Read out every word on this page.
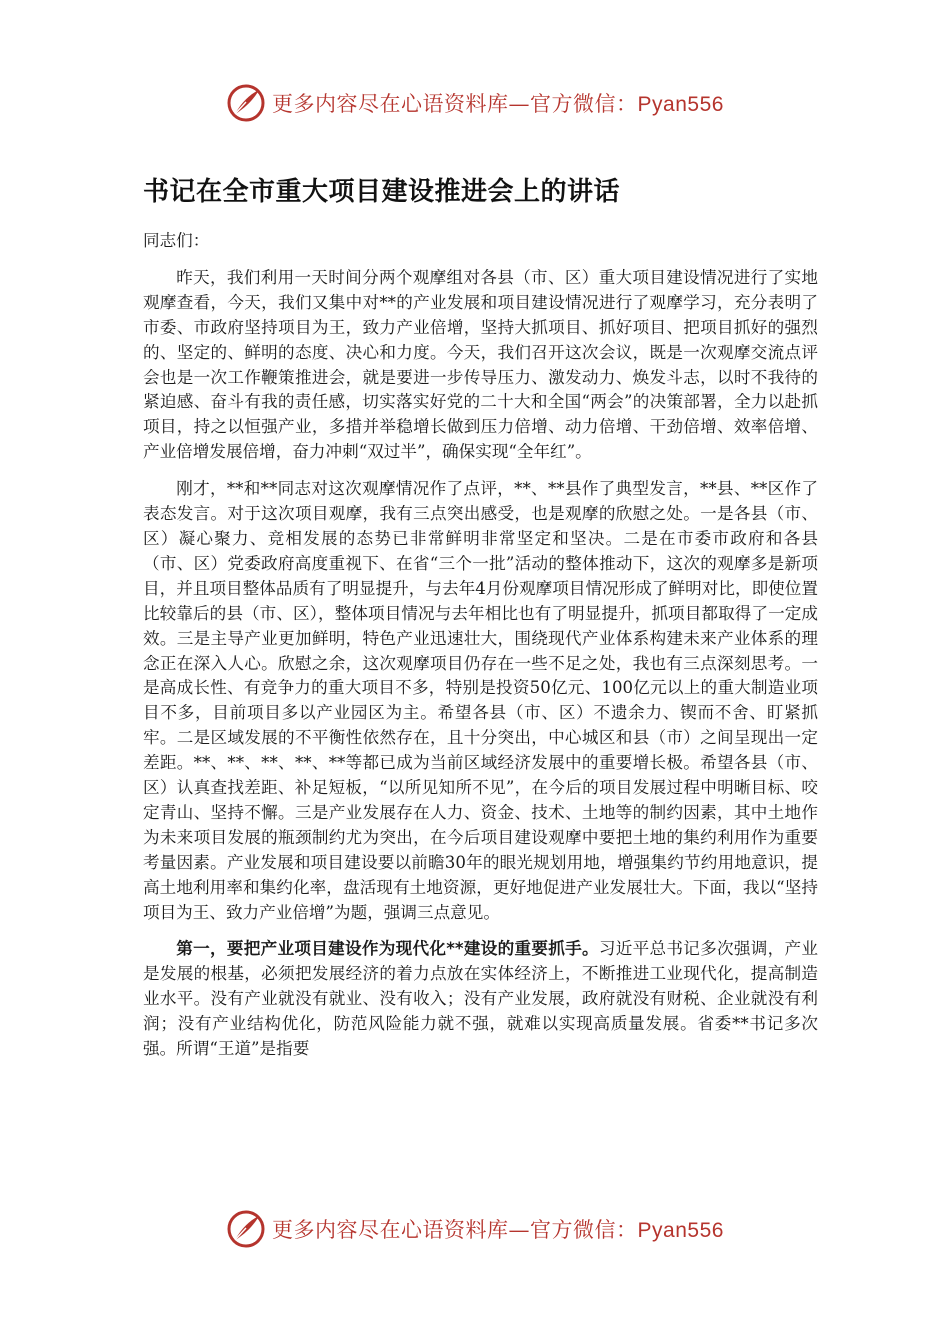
更多内容尽在心语资料库—官方微信：Pyan556
书记在全市重大项目建设推进会上的讲话

同志们：

昨天，我们利用一天时间分两个观摩组对各县（市、区）重大项目建设情况进行了实地观摩查看，今天，我们又集中对**的产业发展和项目建设情况进行了观摩学习，充分表明了市委、市政府坚持项目为王，致力产业倍增，坚持大抓项目、抓好项目、把项目抓好的强烈的、坚定的、鲜明的态度、决心和力度。今天，我们召开这次会议，既是一次观摩交流点评会也是一次工作鞭策推进会，就是要进一步传导压力、激发动力、焕发斗志，以时不我待的紧迫感、奋斗有我的责任感，切实落实好党的二十大和全国“两会”的决策部署，全力以赴抓项目，持之以恒强产业，多措并举稳增长做到压力倍增、动力倍增、干劲倍增、效率倍增、产业倍增发展倍增，奋力冲刺“双过半”，确保实现“全年红”。

刚才，**和**同志对这次观摩情况作了点评，**、**县作了典型发言，**县、**区作了表态发言。对于这次项目观摩，我有三点突出感受，也是观摩的欣慰之处。一是各县（市、区）凝心聚力、竞相发展的态势已非常鲜明非常坚定和坚决。二是在市委市政府和各县（市、区）党委政府高度重视下、在省“三个一批”活动的整体推动下，这次的观摩多是新项目，并且项目整体品质有了明显提升，与去年4月份观摩项目情况形成了鲜明对比，即使位置比较靠后的县（市、区），整体项目情况与去年相比也有了明显提升，抓项目都取得了一定成效。三是主导产业更加鲜明，特色产业迅速壮大，围绕现代产业体系构建未来产业体系的理念正在深入人心。欣慰之余，这次观摩项目仍存在一些不足之处，我也有三点深刻思考。一是高成长性、有竞争力的重大项目不多，特别是投资50亿元、100亿元以上的重大制造业项目不多，目前项目多以产业园区为主。希望各县（市、区）不遗余力、锲而不舍、盯紧抓牢。二是区域发展的不平衡性依然存在，且十分突出，中心城区和县（市）之间呈现出一定差距。**、**、**、**、**等都已成为当前区域经济发展中的重要增长极。希望各县（市、区）认真查找差距、补足短板，“以所见知所不见”，在今后的项目发展过程中明晰目标、咬定青山、坚持不懈。三是产业发展存在人力、资金、技术、土地等的制约因素，其中土地作为未来项目发展的瓶颈制约尤为突出，在今后项目建设观摩中要把土地的集约利用作为重要考量因素。产业发展和项目建设要以前瞻30年的眼光规划用地，增强集约节约用地意识，提高土地利用率和集约化率，盘活现有土地资源，更好地促进产业发展壮大。下面，我以“坚持项目为王、致力产业倍增”为题，强调三点意见。

第一，要把产业项目建设作为现代化**建设的重要抓手。习近平总书记多次强调，产业是发展的根基，必须把发展经济的着力点放在实体经济上，不断推进工业现代化，提高制造业水平。没有产业就没有就业、没有收入；没有产业发展，政府就没有财税、企业就没有利润；没有产业结构优化，防范风险能力就不强，就难以实现高质量发展。省委**书记多次强。所谓“王道”是指要

更多内容尽在心语资料库—官方微信：Pyan556
